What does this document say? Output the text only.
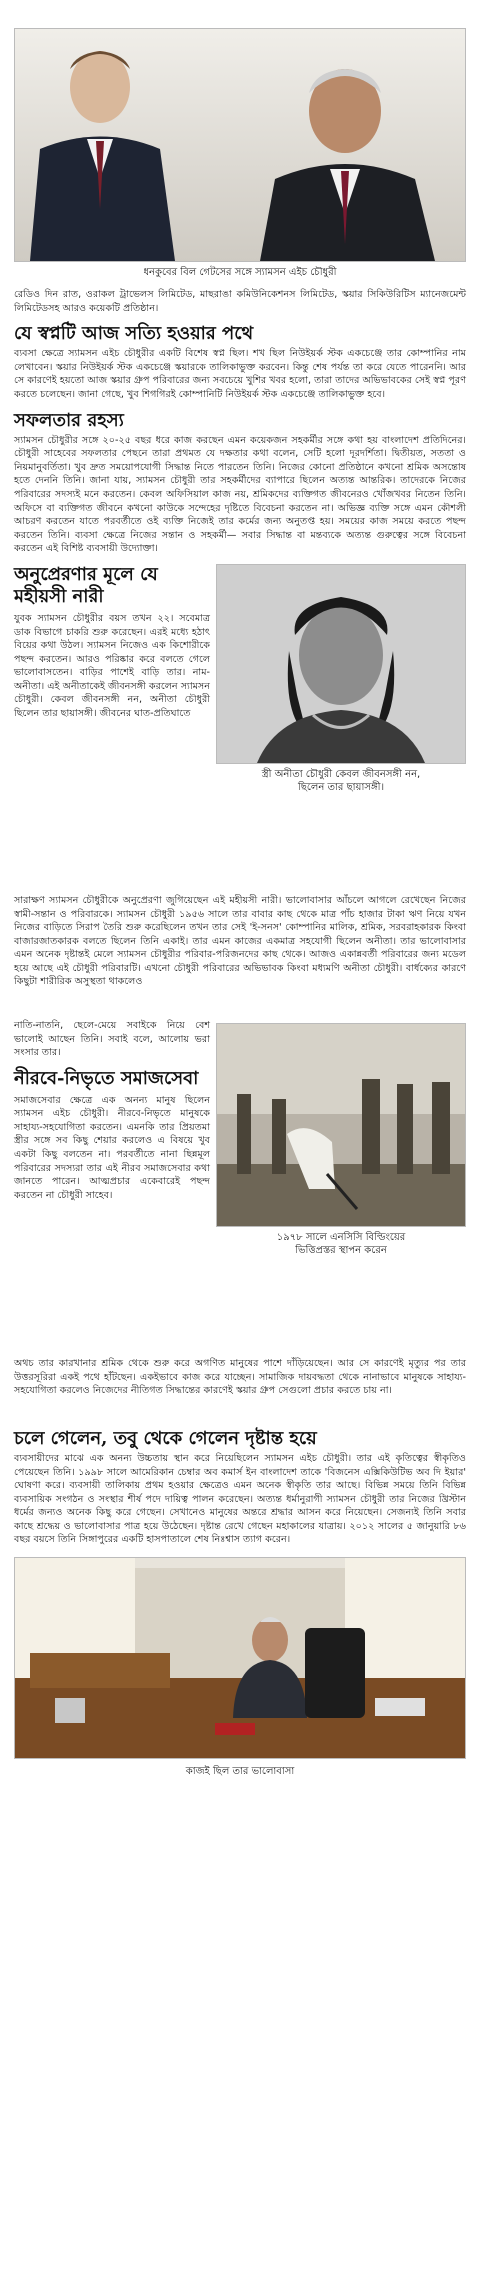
ধনকুবের বিল গেটসের সঙ্গে স্যামসন এইচ চৌধুরী

রেডিও দিন রাত, ওরাকল ট্রাভেলস লিমিটেড, মাছরাঙা কমিউনিকেশনস লিমিটেড, স্কয়ার সিকিউরিটিস ম্যানেজমেন্ট লিমিটেডসহ আরও কয়েকটি প্রতিষ্ঠান।

যে স্বপ্নটি আজ সত্যি হওয়ার পথে

ব্যবসা ক্ষেত্রে স্যামসন এইচ চৌধুরীর একটি বিশেষ স্বপ্ন ছিল। শখ ছিল নিউইয়র্ক স্টক একচেঞ্জে তার কোম্পানির নাম লেখাবেন। স্কয়ার নিউইয়র্ক স্টক একচেঞ্জে স্কয়ারকে তালিকাভুক্ত করবেন। কিন্তু শেষ পর্যন্ত তা করে যেতে পারেননি। আর সে কারণেই হয়তো আজ স্কয়ার গ্রুপ পরিবারের জন্য সবচেয়ে খুশির খবর হলো, তারা তাদের অভিভাবকের সেই স্বপ্ন পূরণ করতে চলেছেন। জানা গেছে, খুব শিগগিরই কোম্পানিটি নিউইয়র্ক স্টক একচেঞ্জে তালিকাভুক্ত হবে।

সফলতার রহস্য

স্যামসন চৌধুরীর সঙ্গে ২০-২৫ বছর ধরে কাজ করছেন এমন কয়েকজন সহকর্মীর সঙ্গে কথা হয় বাংলাদেশ প্রতিদিনের। চৌধুরী সাহেবের সফলতার পেছনে তারা প্রথমত যে দক্ষতার কথা বলেন, সেটি হলো দূরদর্শিতা। দ্বিতীয়ত, সততা ও নিয়মানুবর্তিতা। খুব দ্রুত সময়োপযোগী সিদ্ধান্ত নিতে পারতেন তিনি। নিজের কোনো প্রতিষ্ঠানে কখনো শ্রমিক অসন্তোষ হতে দেননি তিনি। জানা যায়, স্যামসন চৌধুরী তার সহকর্মীদের ব্যাপারে ছিলেন অত্যন্ত আন্তরিক। তাদেরকে নিজের পরিবারের সদস্যই মনে করতেন। কেবল অফিসিয়াল কাজ নয়, শ্রমিকদের ব্যক্তিগত জীবনেরও খোঁজখবর নিতেন তিনি। অফিসে বা ব্যক্তিগত জীবনে কখনো কাউকে সন্দেহের দৃষ্টিতে বিবেচনা করতেন না। অভিজ্ঞ ব্যক্তি সঙ্গে এমন কৌশলী আচরণ করতেন যাতে পরবর্তীতে ওই ব্যক্তি নিজেই তার কর্মের জন্য অনুতপ্ত হয়। সময়ের কাজ সময়ে করতে পছন্দ করতেন তিনি। ব্যবসা ক্ষেত্রে নিজের সন্তান ও সহকর্মী— সবার সিদ্ধান্ত বা মন্তব্যকে অত্যন্ত গুরুত্বের সঙ্গে বিবেচনা করতেন এই বিশিষ্ট ব্যবসায়ী উদ্যোক্তা।

অনুপ্রেরণার মূলে যে মহীয়সী নারী

যুবক স্যামসন চৌধুরীর বয়স তখন ২২। সবেমাত্র ডাক বিভাগে চাকরি শুরু করেছেন। এরই মধ্যে হঠাৎ বিয়ের কথা উঠল। স্যামসন নিজেও এক কিশোরীকে পছন্দ করতেন। আরও পরিষ্কার করে বলতে গেলে ভালোবাসতেন। বাড়ির পাশেই বাড়ি তার। নাম- অনীতা। এই অনীতাকেই জীবনসঙ্গী করলেন স্যামসন চৌধুরী। কেবল জীবনসঙ্গী নন, অনীতা চৌধুরী ছিলেন তার ছায়াসঙ্গী। জীবনের ঘাত-প্রতিঘাতে

স্ত্রী অনীতা চৌধুরী কেবল জীবনসঙ্গী নন,
ছিলেন তার ছায়াসঙ্গী।

সারাক্ষণ স্যামসন চৌধুরীকে অনুপ্রেরণা জুগিয়েছেন এই মহীয়সী নারী। ভালোবাসার আঁচলে আগলে রেখেছেন নিজের স্বামী-সন্তান ও পরিবারকে। স্যামসন চৌধুরী ১৯৫৬ সালে তার বাবার কাছ থেকে মাত্র পাঁচ হাজার টাকা ঋণ নিয়ে যখন নিজের বাড়িতে সিরাপ তৈরি শুরু করেছিলেন তখন তার সেই 'ই-সনস' কোম্পানির মালিক, শ্রমিক, সরবরাহকারক কিংবা বাজারজাতকারক বলতে ছিলেন তিনি একাই। তার এমন কাজের একমাত্র সহযোগী ছিলেন অনীতা। তার ভালোবাসার এমন অনেক দৃষ্টান্তই মেলে স্যামসন চৌধুরীর পরিবার-পরিজনদের কাছ থেকে। আজও একান্নবর্তী পরিবারের জন্য মডেল হয়ে আছে এই চৌধুরী পরিবারটি। এখনো চৌধুরী পরিবারের অভিভাবক কিংবা মধ্যমণি অনীতা চৌধুরী। বার্ধক্যের কারণে কিছুটা শারীরিক অসুস্থতা থাকলেও

নাতি-নাতনি, ছেলে-মেয়ে সবাইকে নিয়ে বেশ ভালোই আছেন তিনি। সবাই বলে, আলোয় ভরা সংসার তার।

নীরবে-নিভৃতে সমাজসেবা

সমাজসেবার ক্ষেত্রে এক অনন্য মানুষ ছিলেন স্যামসন এইচ চৌধুরী। নীরবে-নিভৃতে মানুষকে সাহায্য-সহযোগিতা করতেন। এমনকি তার প্রিয়তমা স্ত্রীর সঙ্গে সব কিছু শেয়ার করলেও এ বিষয়ে খুব একটা কিছু বলতেন না। পরবর্তীতে নানা ছিন্নমূল পরিবারের সদস্যরা তার এই নীরব সমাজসেবার কথা জানতে পারেন। আত্মপ্রচার একেবারেই পছন্দ করতেন না চৌধুরী সাহেব।

১৯৭৮ সালে এনসিসি বিল্ডিংয়ের
ভিত্তিপ্রস্তর স্থাপন করেন

অথচ তার কারখানার শ্রমিক থেকে শুরু করে অগণিত মানুষের পাশে দাঁড়িয়েছেন। আর সে কারণেই মৃত্যুর পর তার উত্তরসূরিরা একই পথে হাঁটছেন। একইভাবে কাজ করে যাচ্ছেন। সামাজিক দায়বদ্ধতা থেকে নানাভাবে মানুষকে সাহায্য-সহযোগিতা করলেও নিজেদের নীতিগত সিদ্ধান্তের কারণেই স্কয়ার গ্রুপ সেগুলো প্রচার করতে চায় না।

চলে গেলেন, তবু থেকে গেলেন দৃষ্টান্ত হয়ে

ব্যবসায়ীদের মাঝে এক অনন্য উচ্চতায় স্থান করে নিয়েছিলেন স্যামসন এইচ চৌধুরী। তার এই কৃতিত্বের স্বীকৃতিও পেয়েছেন তিনি। ১৯৯৮ সালে আমেরিকান চেম্বার অব কমার্স ইন বাংলাদেশ তাকে 'বিজনেস এক্সিকিউটিভ অব দি ইয়ার' ঘোষণা করে। ব্যবসায়ী তালিকায় প্রথম হওয়ার ক্ষেত্রেও এমন অনেক স্বীকৃতি তার আছে। বিভিন্ন সময়ে তিনি বিভিন্ন ব্যবসায়িক সংগঠন ও সংস্থার শীর্ষ পদে দায়িত্ব পালন করেছেন। অত্যন্ত ধর্মানুরাগী স্যামসন চৌধুরী তার নিজের খ্রিস্টান ধর্মের জন্যও অনেক কিছু করে গেছেন। সেখানেও মানুষের অন্তরে শ্রদ্ধার আসন করে নিয়েছেন। সেজন্যই তিনি সবার কাছে শ্রদ্ধেয় ও ভালোবাসার পাত্র হয়ে উঠেছেন। দৃষ্টান্ত রেখে গেছেন মহাকালের যাত্রায়। ২০১২ সালের ৫ জানুয়ারি ৮৬ বছর বয়সে তিনি সিঙ্গাপুরের একটি হাসপাতালে শেষ নিঃশ্বাস ত্যাগ করেন।

কাজই ছিল তার ভালোবাসা
